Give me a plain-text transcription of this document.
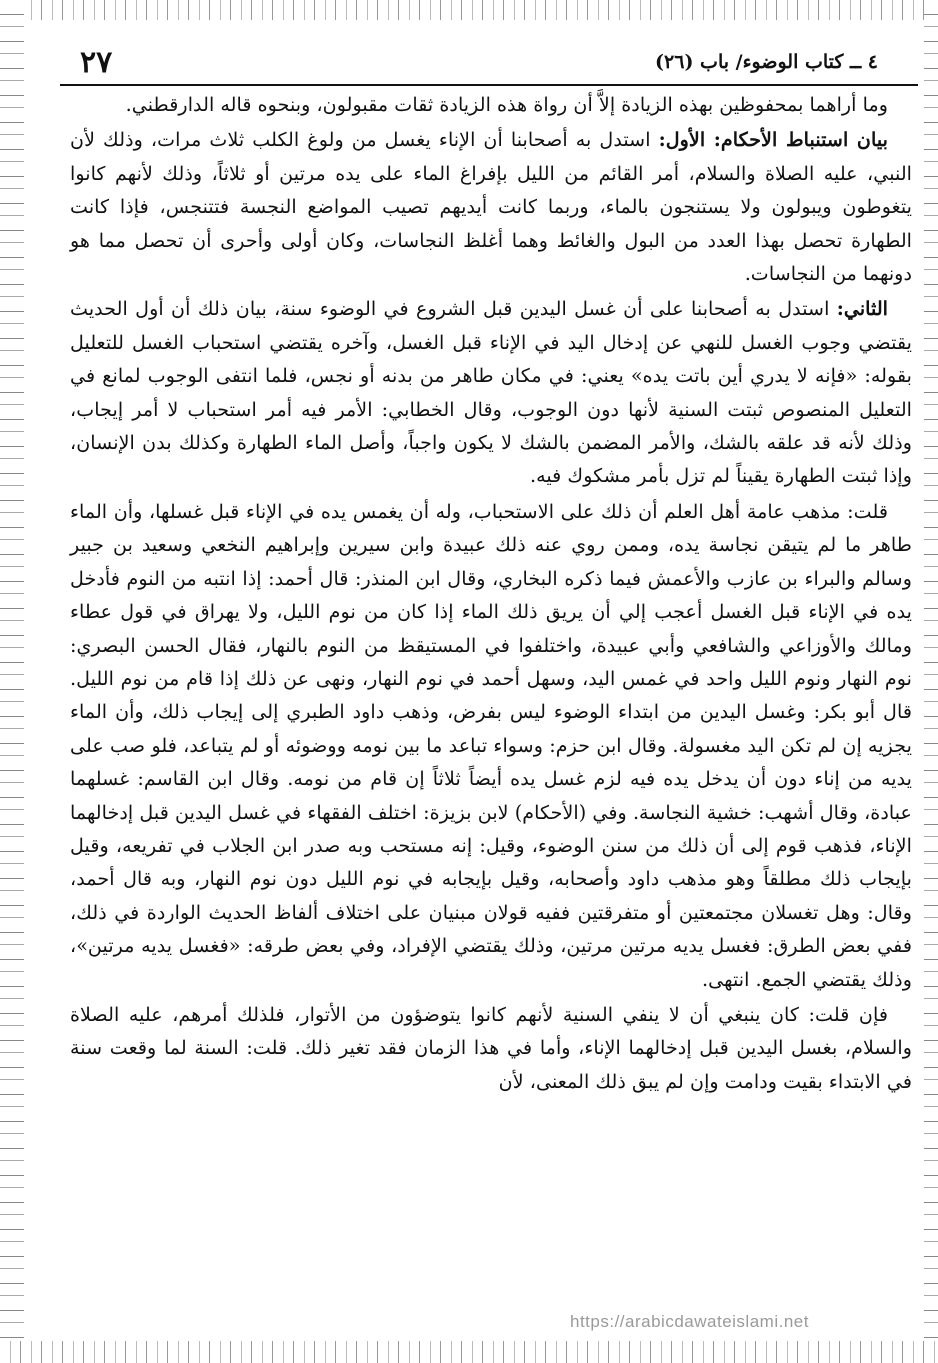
٤ ــ كتاب الوضوء/ باب (٢٦)
٢٧

وما أراهما بمحفوظين بهذه الزيادة إلاَّ أن رواة هذه الزيادة ثقات مقبولون، وبنحوه قاله الدارقطني.

بيان استنباط الأحكام: الأول: استدل به أصحابنا أن الإناء يغسل من ولوغ الكلب ثلاث مرات، وذلك لأن النبي، عليه الصلاة والسلام، أمر القائم من الليل بإفراغ الماء على يده مرتين أو ثلاثاً، وذلك لأنهم كانوا يتغوطون ويبولون ولا يستنجون بالماء، وربما كانت أيديهم تصيب المواضع النجسة فتتنجس، فإذا كانت الطهارة تحصل بهذا العدد من البول والغائط وهما أغلظ النجاسات، وكان أولى وأحرى أن تحصل مما هو دونهما من النجاسات.

الثاني: استدل به أصحابنا على أن غسل اليدين قبل الشروع في الوضوء سنة، بيان ذلك أن أول الحديث يقتضي وجوب الغسل للنهي عن إدخال اليد في الإناء قبل الغسل، وآخره يقتضي استحباب الغسل للتعليل بقوله: «فإنه لا يدري أين باتت يده» يعني: في مكان طاهر من بدنه أو نجس، فلما انتفى الوجوب لمانع في التعليل المنصوص ثبتت السنية لأنها دون الوجوب، وقال الخطابي: الأمر فيه أمر استحباب لا أمر إيجاب، وذلك لأنه قد علقه بالشك، والأمر المضمن بالشك لا يكون واجباً، وأصل الماء الطهارة وكذلك بدن الإنسان، وإذا ثبتت الطهارة يقيناً لم تزل بأمر مشكوك فيه.

قلت: مذهب عامة أهل العلم أن ذلك على الاستحباب، وله أن يغمس يده في الإناء قبل غسلها، وأن الماء طاهر ما لم يتيقن نجاسة يده، وممن روي عنه ذلك عبيدة وابن سيرين وإبراهيم النخعي وسعيد بن جبير وسالم والبراء بن عازب والأعمش فيما ذكره البخاري، وقال ابن المنذر: قال أحمد: إذا انتبه من النوم فأدخل يده في الإناء قبل الغسل أعجب إلي أن يريق ذلك الماء إذا كان من نوم الليل، ولا يهراق في قول عطاء ومالك والأوزاعي والشافعي وأبي عبيدة، واختلفوا في المستيقظ من النوم بالنهار، فقال الحسن البصري: نوم النهار ونوم الليل واحد في غمس اليد، وسهل أحمد في نوم النهار، ونهى عن ذلك إذا قام من نوم الليل. قال أبو بكر: وغسل اليدين من ابتداء الوضوء ليس بفرض، وذهب داود الطبري إلى إيجاب ذلك، وأن الماء يجزيه إن لم تكن اليد مغسولة. وقال ابن حزم: وسواء تباعد ما بين نومه ووضوئه أو لم يتباعد، فلو صب على يديه من إناء دون أن يدخل يده فيه لزم غسل يده أيضاً ثلاثاً إن قام من نومه. وقال ابن القاسم: غسلهما عبادة، وقال أشهب: خشية النجاسة. وفي (الأحكام) لابن بزيزة: اختلف الفقهاء في غسل اليدين قبل إدخالهما الإناء، فذهب قوم إلى أن ذلك من سنن الوضوء، وقيل: إنه مستحب وبه صدر ابن الجلاب في تفريعه، وقيل بإيجاب ذلك مطلقاً وهو مذهب داود وأصحابه، وقيل بإيجابه في نوم الليل دون نوم النهار، وبه قال أحمد، وقال: وهل تغسلان مجتمعتين أو متفرقتين ففيه قولان مبنيان على اختلاف ألفاظ الحديث الواردة في ذلك، ففي بعض الطرق: فغسل يديه مرتين مرتين، وذلك يقتضي الإفراد، وفي بعض طرقه: «فغسل يديه مرتين»، وذلك يقتضي الجمع. انتهى.

فإن قلت: كان ينبغي أن لا ينفي السنية لأنهم كانوا يتوضؤون من الأتوار، فلذلك أمرهم، عليه الصلاة والسلام، بغسل اليدين قبل إدخالهما الإناء، وأما في هذا الزمان فقد تغير ذلك. قلت: السنة لما وقعت سنة في الابتداء بقيت ودامت وإن لم يبق ذلك المعنى، لأن

https://arabicdawateislami.net
